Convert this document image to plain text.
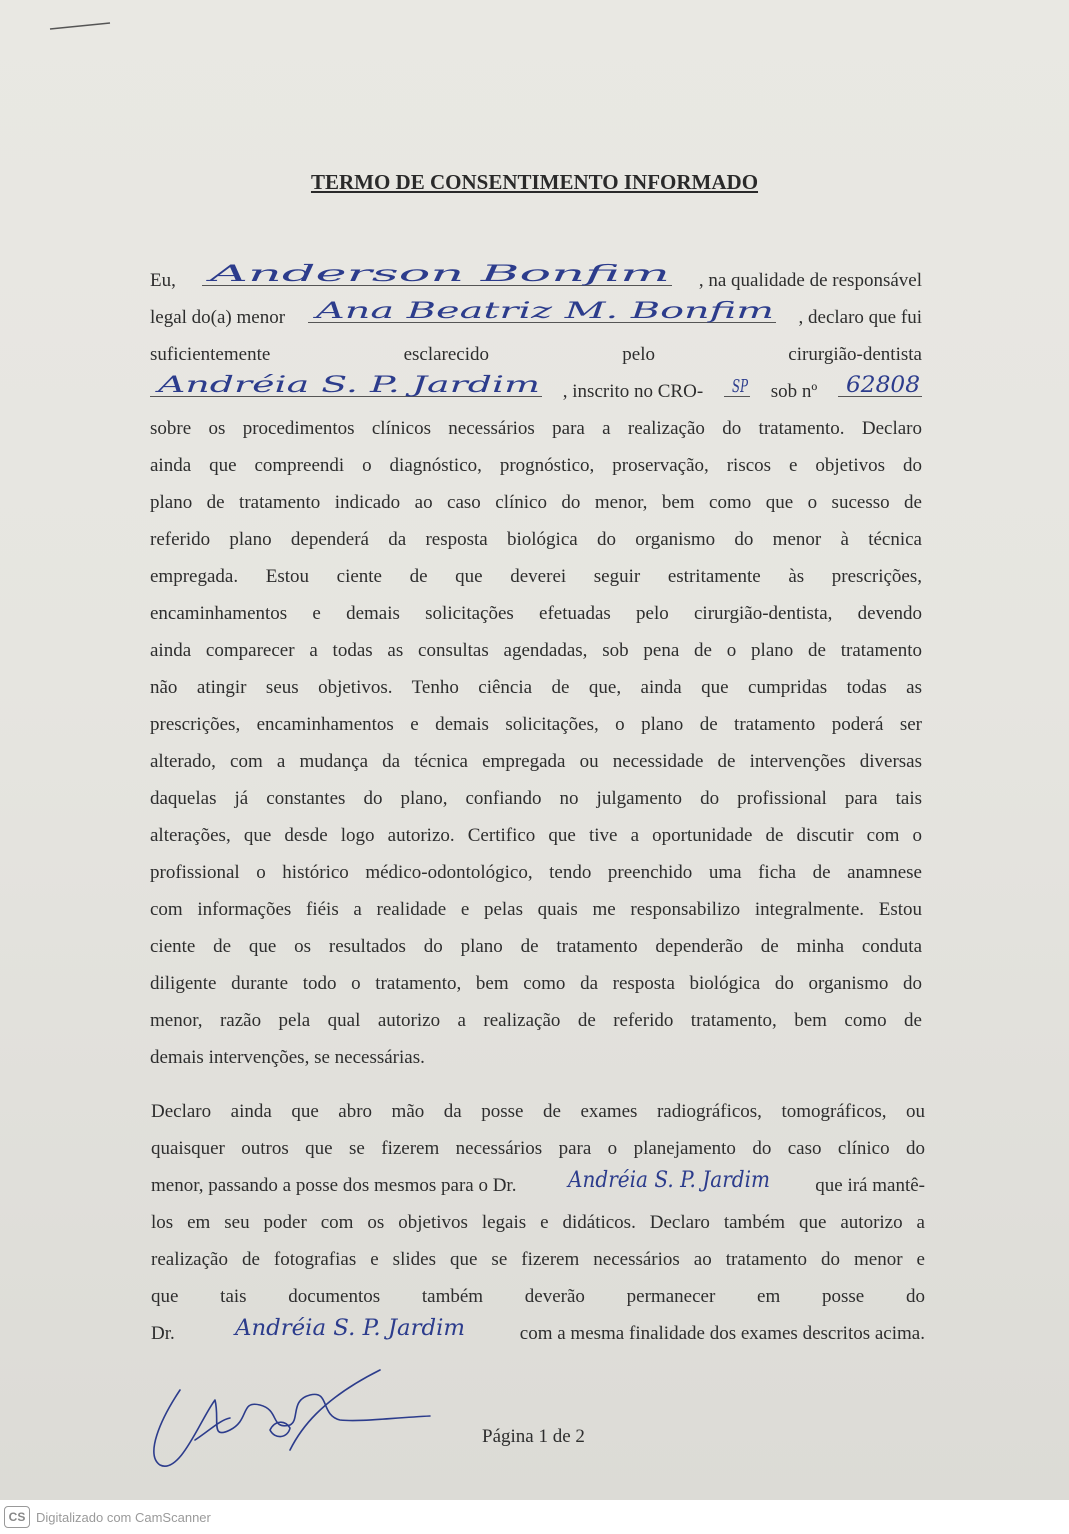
TERMO DE CONSENTIMENTO INFORMADO
Eu, Anderson Bonfim , na qualidade de responsável
legal do(a) menor Ana Beatriz M. Bonfim , declaro que fui
suficientemente	esclarecido	pelo	cirurgião-dentista
Andréia S. P. Jardim , inscrito no CRO- SP sob nº 62808
sobre os procedimentos clínicos necessários para a realização do tratamento. Declaro
ainda que compreendi o diagnóstico, prognóstico, proservação, riscos e objetivos do
plano de tratamento indicado ao caso clínico do menor, bem como que o sucesso de
referido plano dependerá da resposta biológica do organismo do menor à técnica
empregada. Estou ciente de que deverei seguir estritamente às prescrições,
encaminhamentos e demais solicitações efetuadas pelo cirurgião-dentista, devendo
ainda comparecer a todas as consultas agendadas, sob pena de o plano de tratamento
não atingir seus objetivos. Tenho ciência de que, ainda que cumpridas todas as
prescrições, encaminhamentos e demais solicitações, o plano de tratamento poderá ser
alterado, com a mudança da técnica empregada ou necessidade de intervenções diversas
daquelas já constantes do plano, confiando no julgamento do profissional para tais
alterações, que desde logo autorizo. Certifico que tive a oportunidade de discutir com o
profissional o histórico médico-odontológico, tendo preenchido uma ficha de anamnese
com informações fiéis a realidade e pelas quais me responsabilizo integralmente. Estou
ciente de que os resultados do plano de tratamento dependerão de minha conduta
diligente durante todo o tratamento, bem como da resposta biológica do organismo do
menor, razão pela qual autorizo a realização de referido tratamento, bem como de
demais intervenções, se necessárias.
Declaro ainda que abro mão da posse de exames radiográficos, tomográficos, ou
quaisquer outros que se fizerem necessários para o planejamento do caso clínico do
menor, passando a posse dos mesmos para o Dr. Andréia S. P. Jardim que irá mantê-
los em seu poder com os objetivos legais e didáticos. Declaro também que autorizo a
realização de fotografias e slides que se fizerem necessários ao tratamento do menor e
que tais documentos também deverão permanecer em posse do
Dr.	Andréia S. P. Jardim	com a mesma finalidade dos exames descritos acima.
Página 1 de 2
CS Digitalizado com CamScanner
